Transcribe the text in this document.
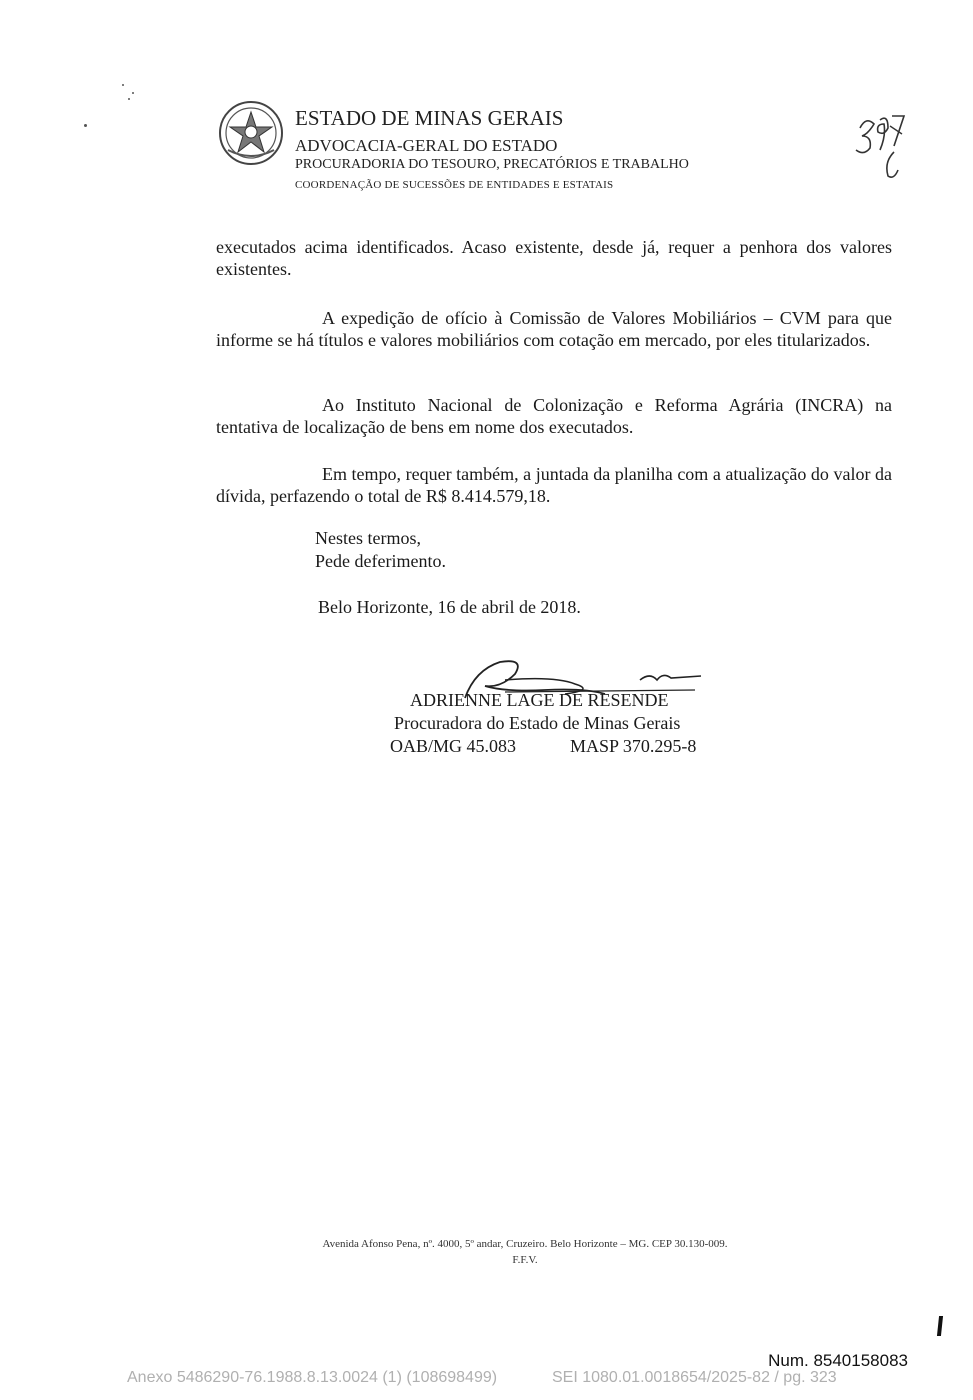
ESTADO DE MINAS GERAIS
ADVOCACIA-GERAL DO ESTADO
PROCURADORIA DO TESOURO, PRECATÓRIOS E TRABALHO
COORDENAÇÃO DE SUCESSÕES DE ENTIDADES E ESTATAIS
executados acima identificados. Acaso existente, desde já, requer a penhora dos valores existentes.
A expedição de ofício à Comissão de Valores Mobiliários – CVM para que informe se há títulos e valores mobiliários com cotação em mercado, por eles titularizados.
Ao Instituto Nacional de Colonização e Reforma Agrária (INCRA) na tentativa de localização de bens em nome dos executados.
Em tempo, requer também, a juntada da planilha com a atualização do valor da dívida, perfazendo o total de R$ 8.414.579,18.
Nestes termos,
Pede deferimento.
Belo Horizonte, 16 de abril de 2018.
ADRIENNE LAGE DE RESENDE
Procuradora do Estado de Minas Gerais
OAB/MG 45.083	MASP 370.295-8
Avenida Afonso Pena, nº. 4000, 5º andar, Cruzeiro. Belo Horizonte – MG. CEP 30.130-009.
F.F.V.
Num. 8540158083
Anexo 5486290-76.1988.8.13.0024 (1) (108698499)	SEI 1080.01.0018654/2025-82 / pg. 323
